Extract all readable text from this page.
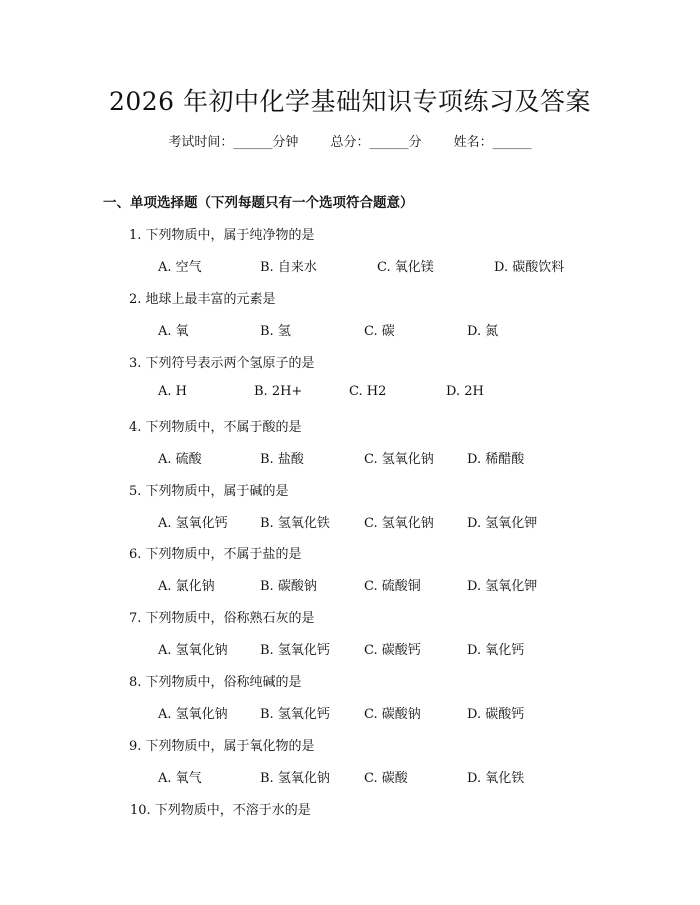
2026 年初中化学基础知识专项练习及答案
考试时间：______分钟 总分：______分 姓名：______
一、单项选择题（下列每题只有一个选项符合题意）
1. 下列物质中，属于纯净物的是
A. 空气	B. 自来水	C. 氧化镁	D. 碳酸饮料
2. 地球上最丰富的元素是
A. 氧	B. 氢	C. 碳	D. 氮
3. 下列符号表示两个氢原子的是
A. H	B. 2H+	C. H2	D. 2H
4. 下列物质中，不属于酸的是
A. 硫酸	B. 盐酸	C. 氢氧化钠	D. 稀醋酸
5. 下列物质中，属于碱的是
A. 氢氧化钙 B. 氢氧化铁	C. 氢氧化钠	D. 氢氧化钾
6. 下列物质中，不属于盐的是
A. 氯化钠	B. 碳酸钠	C. 硫酸铜	D. 氢氧化钾
7. 下列物质中，俗称熟石灰的是
A. 氢氧化钠 B. 氢氧化钙	C. 碳酸钙	D. 氧化钙
8. 下列物质中，俗称纯碱的是
A. 氢氧化钠 B. 氢氧化钙	C. 碳酸钠	D. 碳酸钙
9. 下列物质中，属于氧化物的是
A. 氧气	B. 氢氧化钠	C. 碳酸	D. 氧化铁
10. 下列物质中，不溶于水的是
